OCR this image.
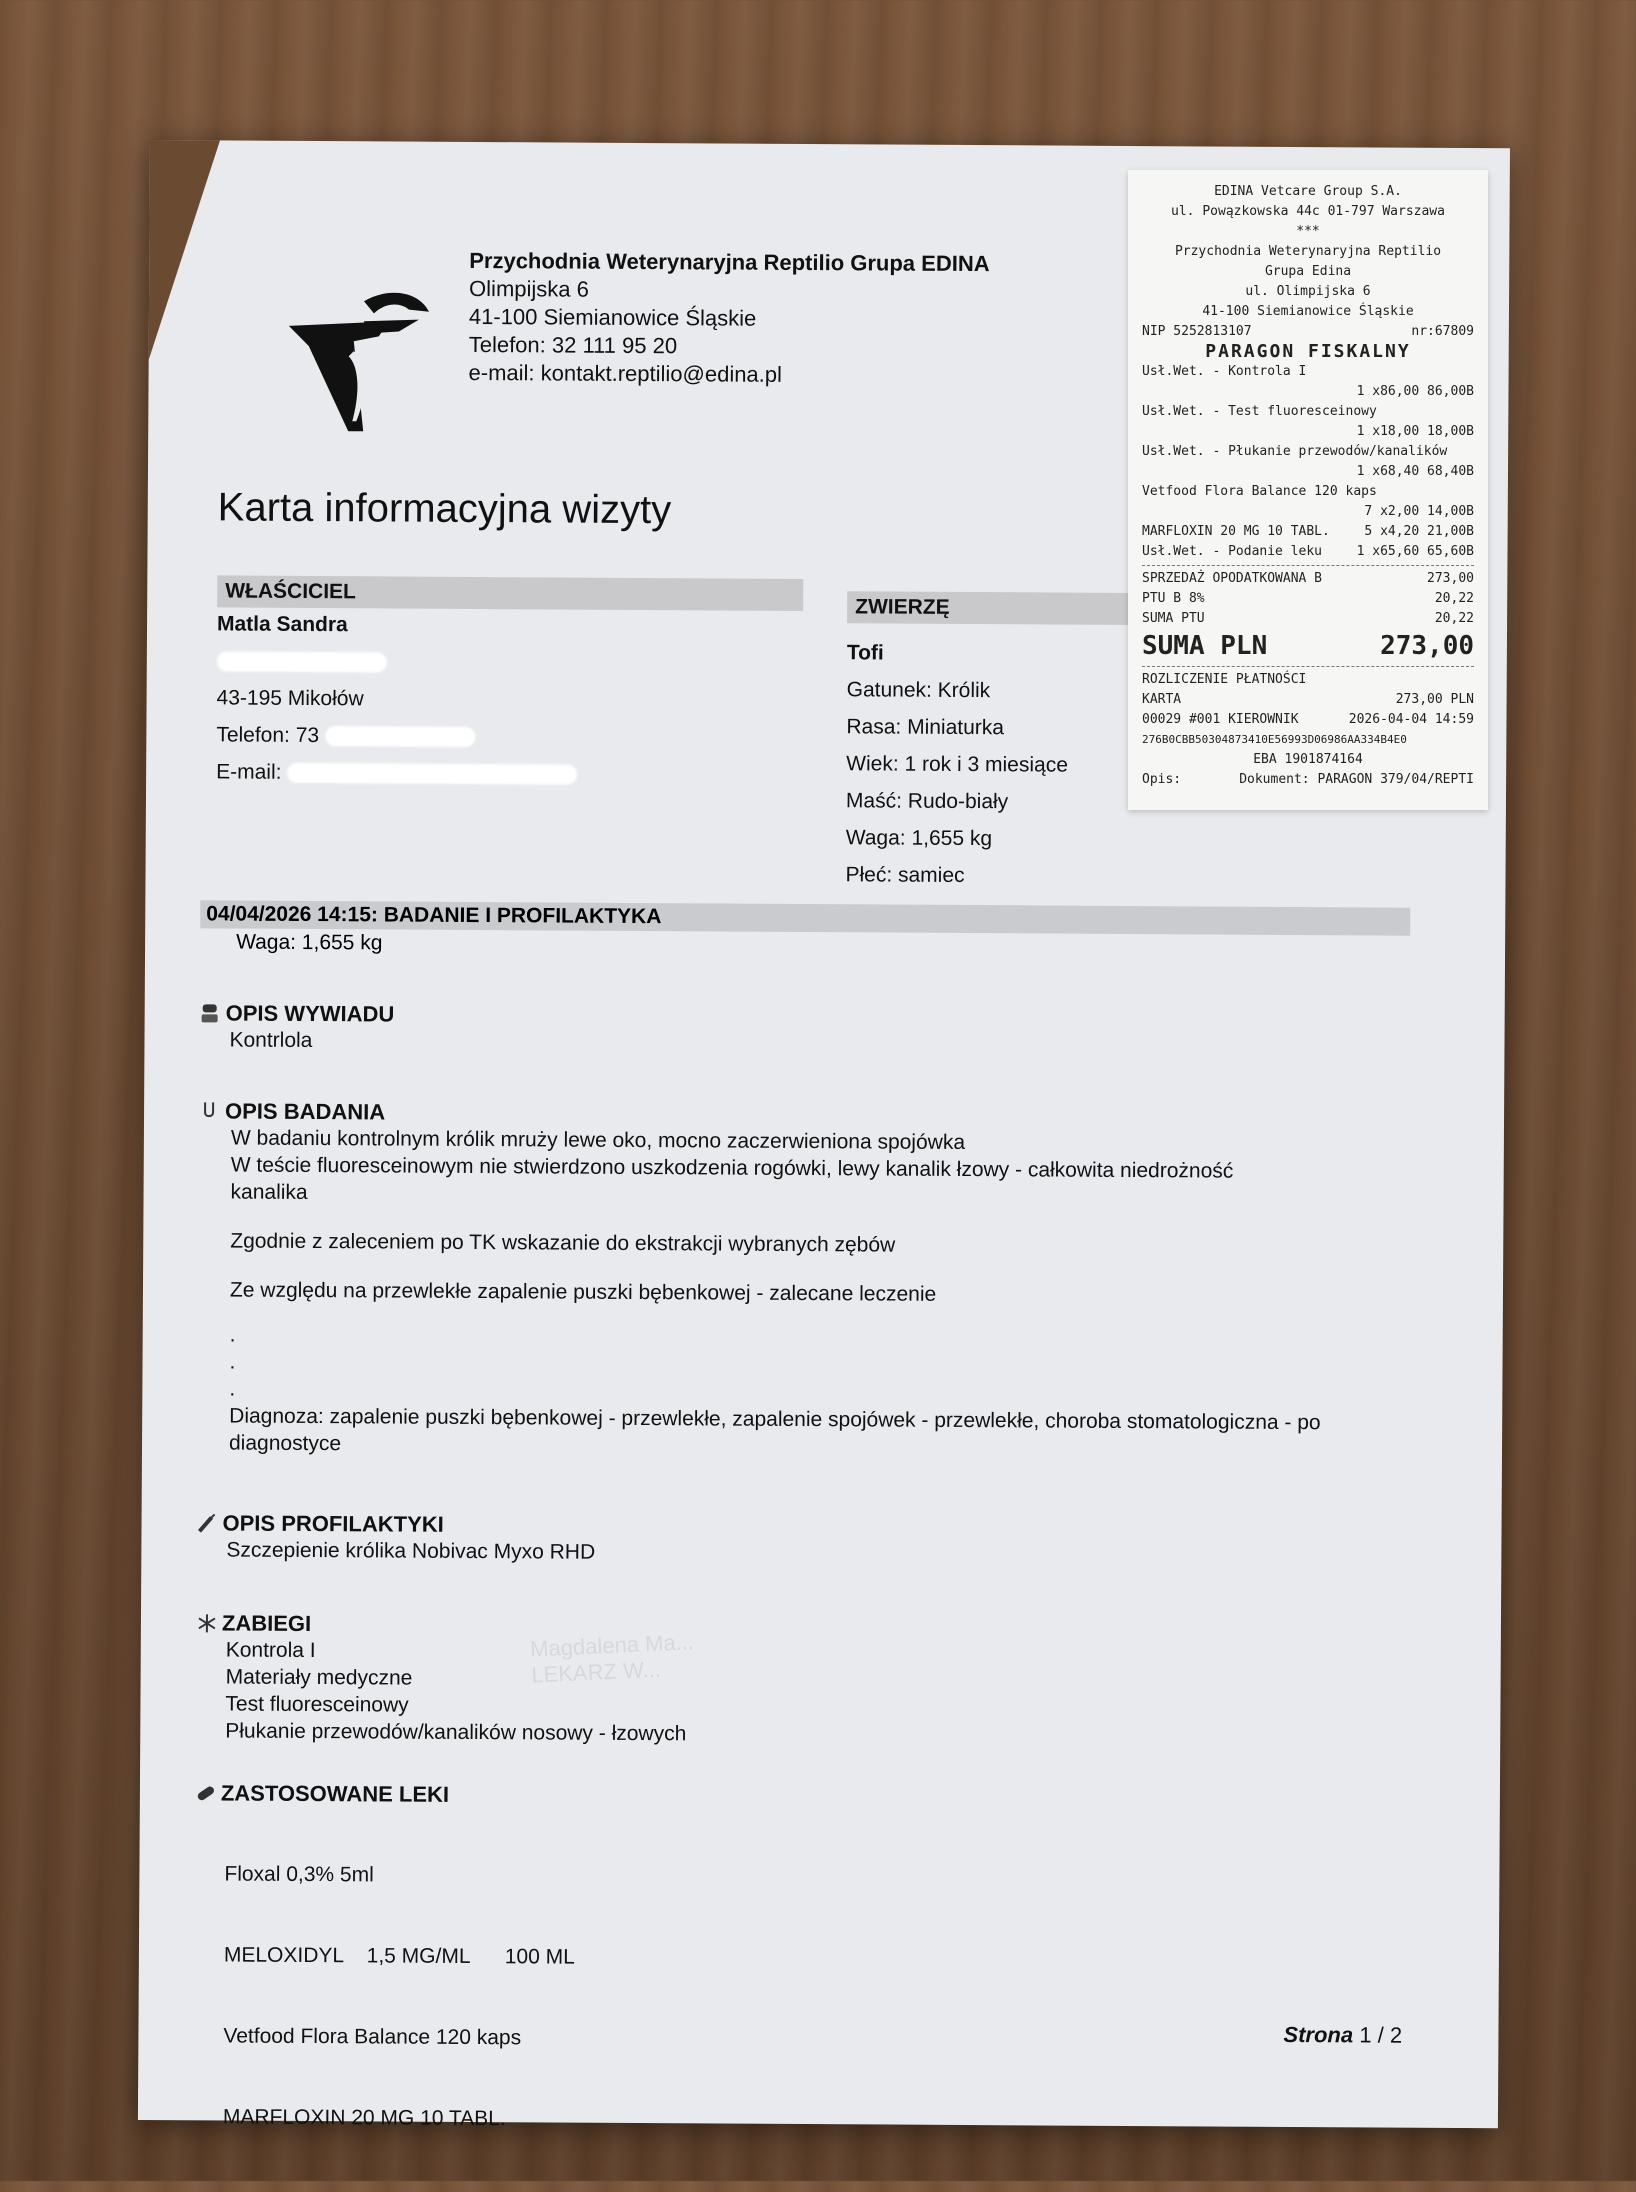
Przychodnia Weterynaryjna Reptilio Grupa EDINA
Olimpijska 6
41-100 Siemianowice Śląskie
Telefon: 32 111 95 20
e-mail: kontakt.reptilio@edina.pl
Karta informacyjna wizyty
WŁAŚCICIEL
ZWIERZĘ
Matla Sandra
43-195 Mikołów
Telefon: 73
E-mail:
Tofi
Gatunek: Królik
Rasa: Miniaturka
Wiek: 1 rok i 3 miesiące
Maść: Rudo-biały
Waga: 1,655 kg
Płeć: samiec
04/04/2026 14:15: BADANIE I PROFILAKTYKA
Waga: 1,655 kg
OPIS WYWIADU
Kontrlola
OPIS BADANIA
W badaniu kontrolnym królik mruży lewe oko, mocno zaczerwieniona spojówka
W teście fluoresceinowym nie stwierdzono uszkodzenia rogówki, lewy kanalik łzowy - całkowita niedrożność kanalika
Zgodnie z zaleceniem po TK wskazanie do ekstrakcji wybranych zębów
Ze względu na przewlekłe zapalenie puszki bębenkowej - zalecane leczenie
.
.
.
Diagnoza: zapalenie puszki bębenkowej - przewlekłe, zapalenie spojówek - przewlekłe, choroba stomatologiczna - po diagnostyce
OPIS PROFILAKTYKI
Szczepienie królika Nobivac Myxo RHD
Magdalena Ma...
LEKARZ W...
ZABIEGI
Kontrola I
Materiały medyczne
Test fluoresceinowy
Płukanie przewodów/kanalików nosowy - łzowych
ZASTOSOWANE LEKI

Floxal 0,3% 5ml

MELOXIDYL    1,5 MG/ML      100 ML

Vetfood Flora Balance 120 kaps

MARFLOXIN 20 MG 10 TABL.

Strona 1 / 2
EDINA Vetcare Group S.A.
ul. Powązkowska 44c 01-797 Warszawa
***
Przychodnia Weterynaryjna Reptilio
Grupa Edina
ul. Olimpijska 6
41-100 Siemianowice Śląskie
NIP 5252813107	nr:67809
PARAGON FISKALNY
Usł.Wet. - Kontrola I
1 x86,00 86,00B
Usł.Wet. - Test fluoresceinowy
1 x18,00 18,00B
Usł.Wet. - Płukanie przewodów/kanalików
1 x68,40 68,40B
Vetfood Flora Balance 120 kaps
7 x2,00 14,00B
MARFLOXIN 20 MG 10 TABL.	5 x4,20 21,00B
Usł.Wet. - Podanie leku	1 x65,60 65,60B
SPRZEDAŻ OPODATKOWANA B	273,00
PTU B 8%	20,22
SUMA PTU	20,22
SUMA PLN	273,00
ROZLICZENIE PŁATNOŚCI
KARTA	273,00 PLN
00029 #001 KIEROWNIK	2026-04-04 14:59
276B0CBB50304873410E56993D06986AA334B4E0
EBA 1901874164
Opis:	Dokument: PARAGON 379/04/REPTI
